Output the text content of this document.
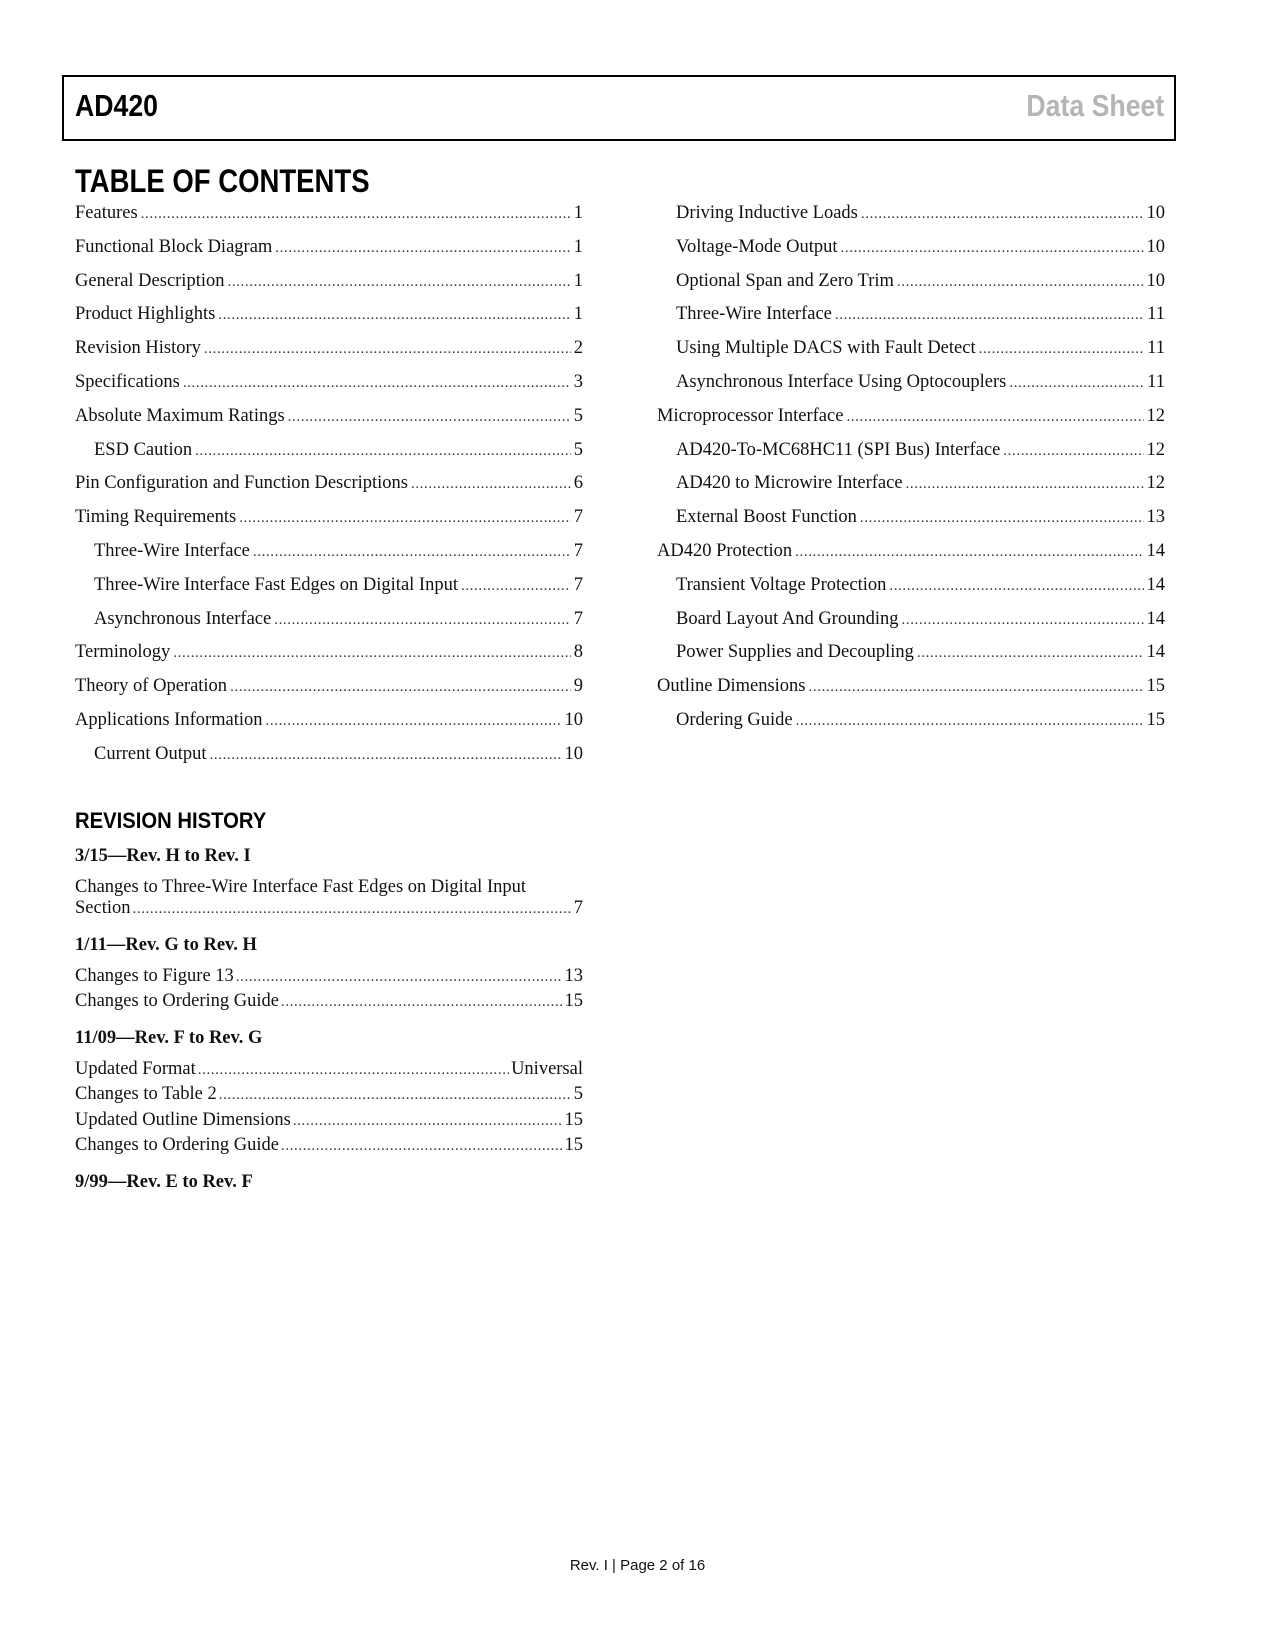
AD420	Data Sheet
TABLE OF CONTENTS
Features .....	1
Functional Block Diagram .....	1
General Description .....	1
Product Highlights .....	1
Revision History .....	2
Specifications .....	3
Absolute Maximum Ratings .....	5
ESD Caution .....	5
Pin Configuration and Function Descriptions .....	6
Timing Requirements .....	7
Three-Wire Interface .....	7
Three-Wire Interface Fast Edges on Digital Input .....	7
Asynchronous Interface .....	7
Terminology .....	8
Theory of Operation .....	9
Applications Information .....	10
Current Output .....	10
Driving Inductive Loads .....	10
Voltage-Mode Output .....	10
Optional Span and Zero Trim .....	10
Three-Wire Interface .....	11
Using Multiple DACS with Fault Detect .....	11
Asynchronous Interface Using Optocouplers .....	11
Microprocessor Interface .....	12
AD420-To-MC68HC11 (SPI Bus) Interface .....	12
AD420 to Microwire Interface .....	12
External Boost Function .....	13
AD420 Protection .....	14
Transient Voltage Protection .....	14
Board Layout And Grounding .....	14
Power Supplies and Decoupling .....	14
Outline Dimensions .....	15
Ordering Guide .....	15
REVISION HISTORY
3/15—Rev. H to Rev. I
Changes to Three-Wire Interface Fast Edges on Digital Input
Section .....	7
1/11—Rev. G to Rev. H
Changes to Figure 13 .....	13
Changes to Ordering Guide .....	15
11/09—Rev. F to Rev. G
Updated Format .....	Universal
Changes to Table 2 .....	5
Updated Outline Dimensions .....	15
Changes to Ordering Guide .....	15
9/99—Rev. E to Rev. F
Rev. I | Page 2 of 16
